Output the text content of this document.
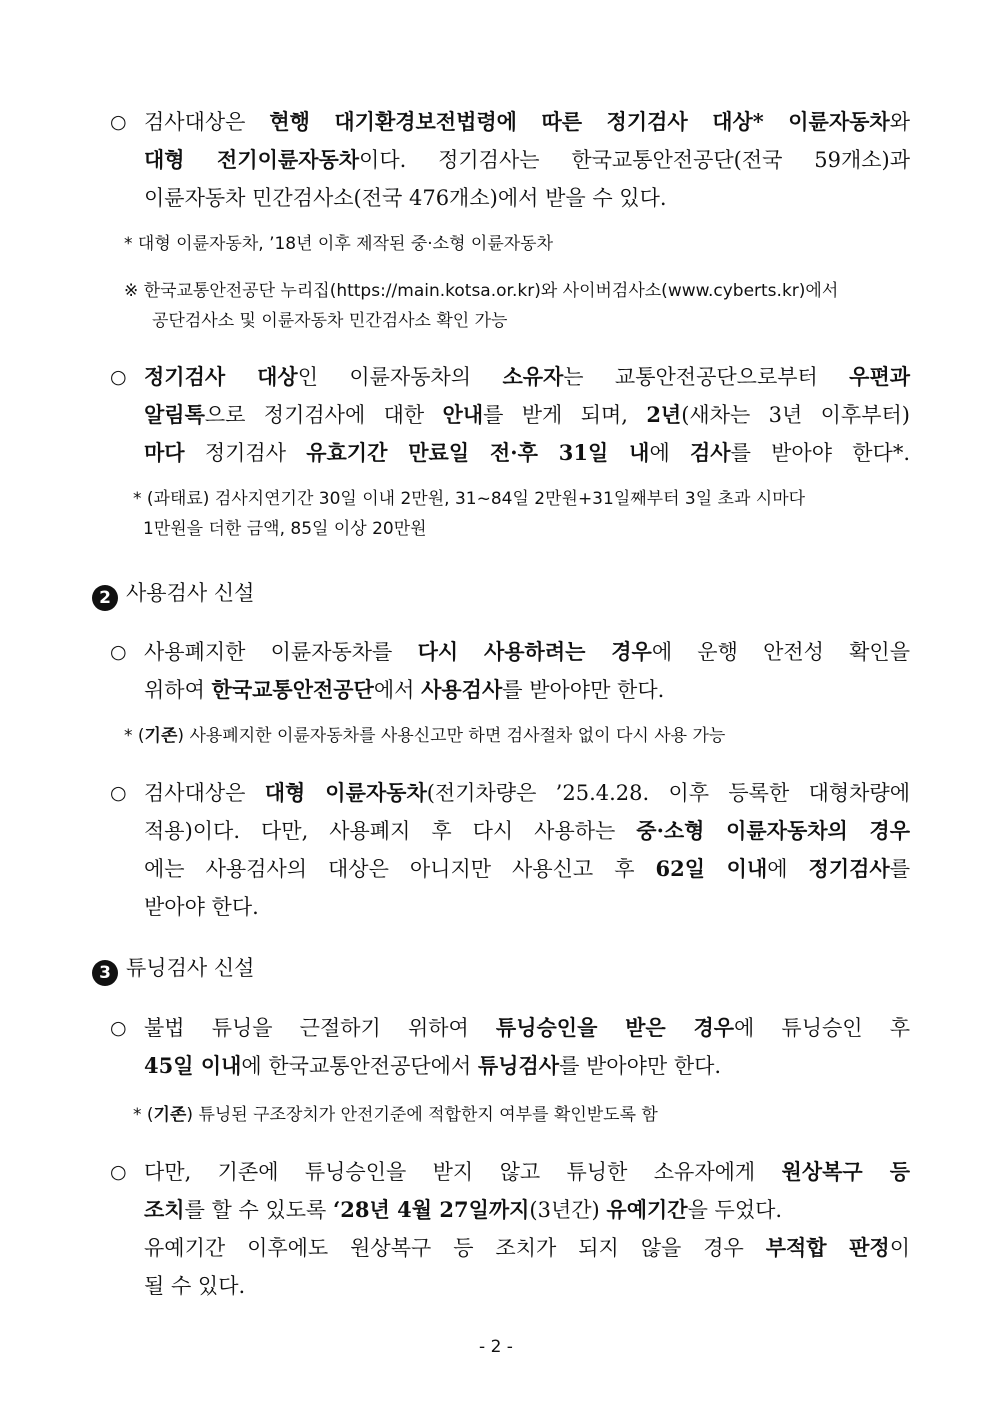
○ 검사대상은 현행 대기환경보전법령에 따른 정기검사 대상* 이륜자동차와
대형 전기이륜자동차이다. 정기검사는 한국교통안전공단(전국 59개소)과
이륜자동차 민간검사소(전국 476개소)에서 받을 수 있다.
* 대형 이륜자동차, ’18년 이후 제작된 중·소형 이륜자동차
※ 한국교통안전공단 누리집(https://main.kotsa.or.kr)와 사이버검사소(www.cyberts.kr)에서
공단검사소 및 이륜자동차 민간검사소 확인 가능
○ 정기검사 대상인 이륜자동차의 소유자는 교통안전공단으로부터 우편과
알림톡으로 정기검사에 대한 안내를 받게 되며, 2년(새차는 3년 이후부터)
마다 정기검사 유효기간 만료일 전·후 31일 내에 검사를 받아야 한다*.
* (과태료) 검사지연기간 30일 이내 2만원, 31~84일 2만원+31일째부터 3일 초과 시마다
1만원을 더한 금액, 85일 이상 20만원
2 사용검사 신설
○ 사용폐지한 이륜자동차를 다시 사용하려는 경우에 운행 안전성 확인을
위하여 한국교통안전공단에서 사용검사를 받아야만 한다.
* (기존) 사용폐지한 이륜자동차를 사용신고만 하면 검사절차 없이 다시 사용 가능
○ 검사대상은 대형 이륜자동차(전기차량은 ’25.4.28. 이후 등록한 대형차량에
적용)이다. 다만, 사용폐지 후 다시 사용하는 중·소형 이륜자동차의 경우
에는 사용검사의 대상은 아니지만 사용신고 후 62일 이내에 정기검사를
받아야 한다.
3 튜닝검사 신설
○ 불법 튜닝을 근절하기 위하여 튜닝승인을 받은 경우에 튜닝승인 후
45일 이내에 한국교통안전공단에서 튜닝검사를 받아야만 한다.
* (기존) 튜닝된 구조장치가 안전기준에 적합한지 여부를 확인받도록 함
○ 다만, 기존에 튜닝승인을 받지 않고 튜닝한 소유자에게 원상복구 등
조치를 할 수 있도록 ‘28년 4월 27일까지(3년간) 유예기간을 두었다.
유예기간 이후에도 원상복구 등 조치가 되지 않을 경우 부적합 판정이
될 수 있다.
- 2 -
